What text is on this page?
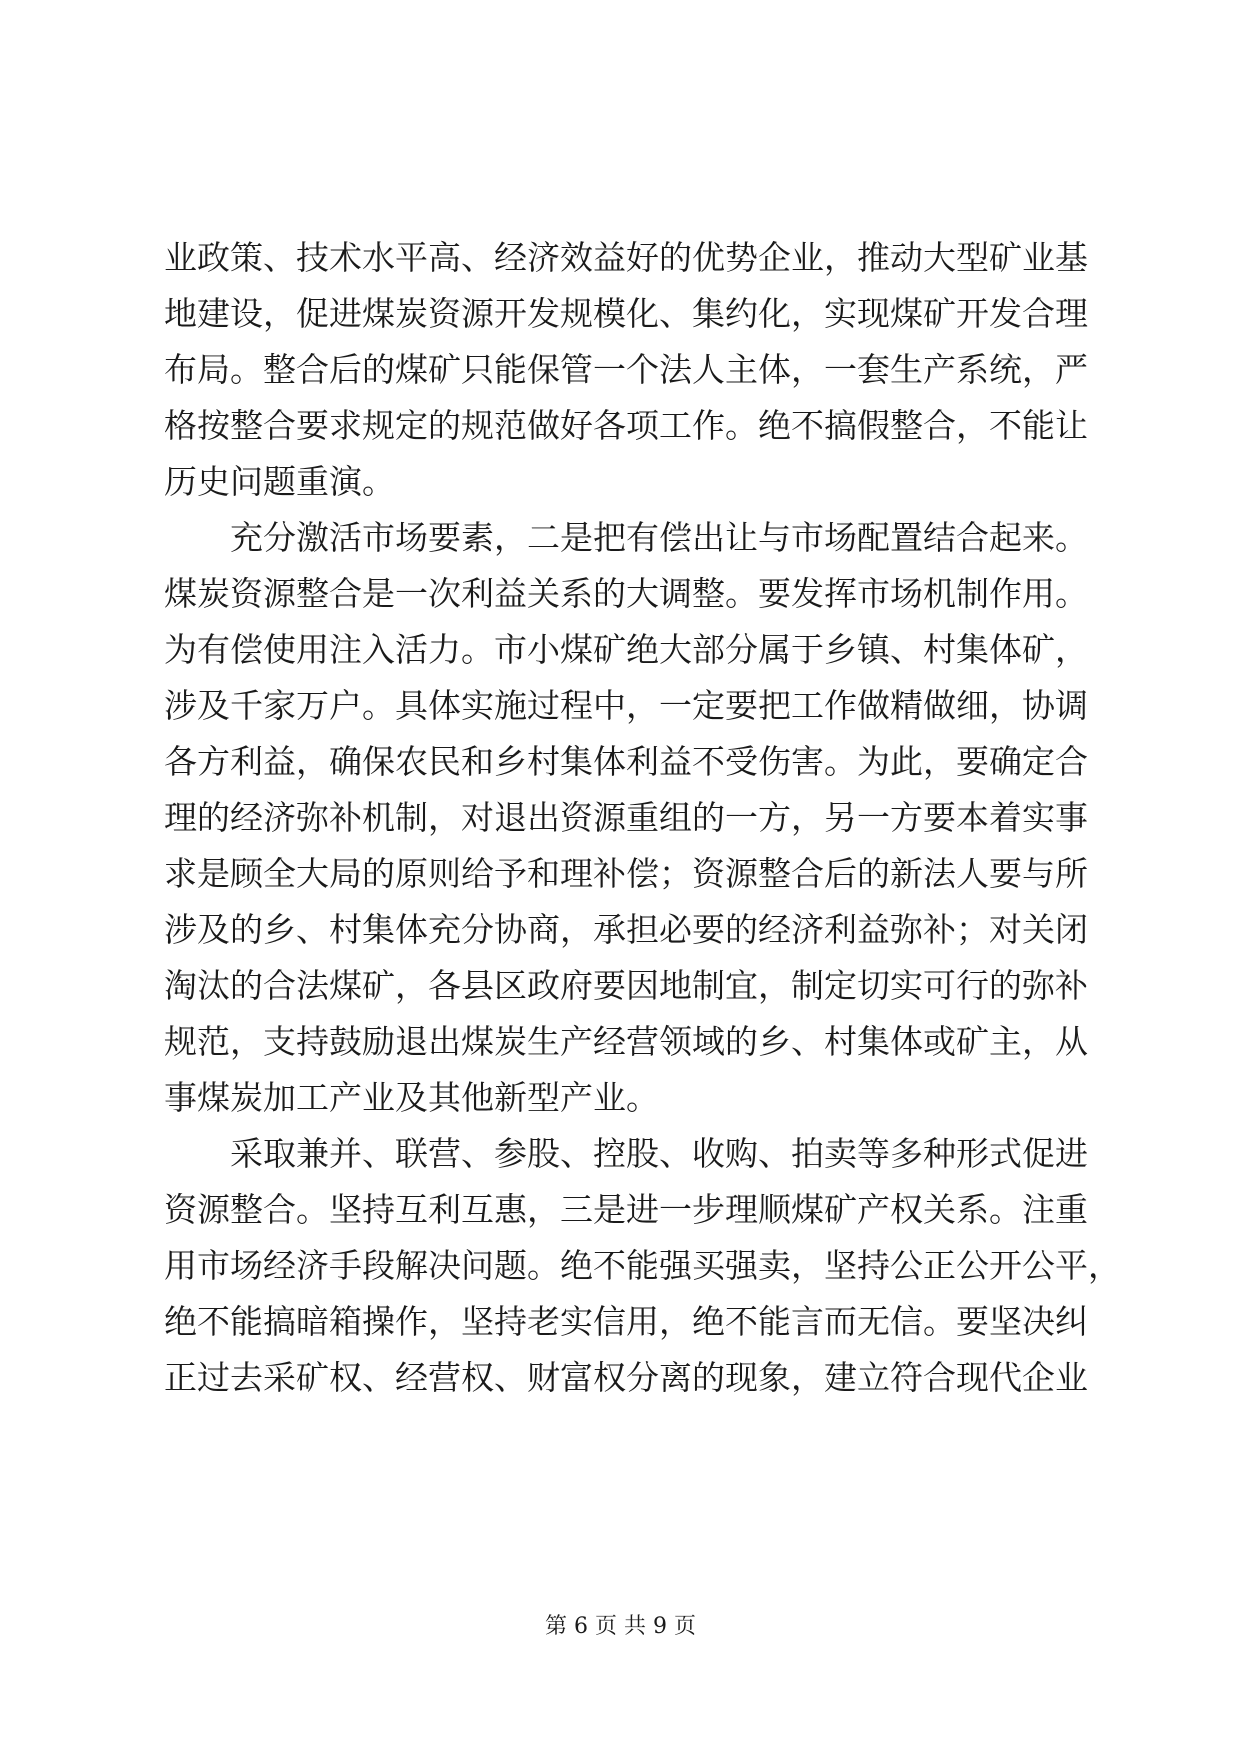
业政策、技术水平高、经济效益好的优势企业，推动大型矿业基
地建设，促进煤炭资源开发规模化、集约化，实现煤矿开发合理
布局。整合后的煤矿只能保管一个法人主体，一套生产系统，严
格按整合要求规定的规范做好各项工作。绝不搞假整合，不能让
历史问题重演。
充分激活市场要素，二是把有偿出让与市场配置结合起来。
煤炭资源整合是一次利益关系的大调整。要发挥市场机制作用。
为有偿使用注入活力。市小煤矿绝大部分属于乡镇、村集体矿，
涉及千家万户。具体实施过程中，一定要把工作做精做细，协调
各方利益，确保农民和乡村集体利益不受伤害。为此，要确定合
理的经济弥补机制，对退出资源重组的一方，另一方要本着实事
求是顾全大局的原则给予和理补偿；资源整合后的新法人要与所
涉及的乡、村集体充分协商，承担必要的经济利益弥补；对关闭
淘汰的合法煤矿，各县区政府要因地制宜，制定切实可行的弥补
规范，支持鼓励退出煤炭生产经营领域的乡、村集体或矿主，从
事煤炭加工产业及其他新型产业。
采取兼并、联营、参股、控股、收购、拍卖等多种形式促进
资源整合。坚持互利互惠，三是进一步理顺煤矿产权关系。注重
用市场经济手段解决问题。绝不能强买强卖，坚持公正公开公平，
绝不能搞暗箱操作，坚持老实信用，绝不能言而无信。要坚决纠
正过去采矿权、经营权、财富权分离的现象，建立符合现代企业
第 6 页 共 9 页
